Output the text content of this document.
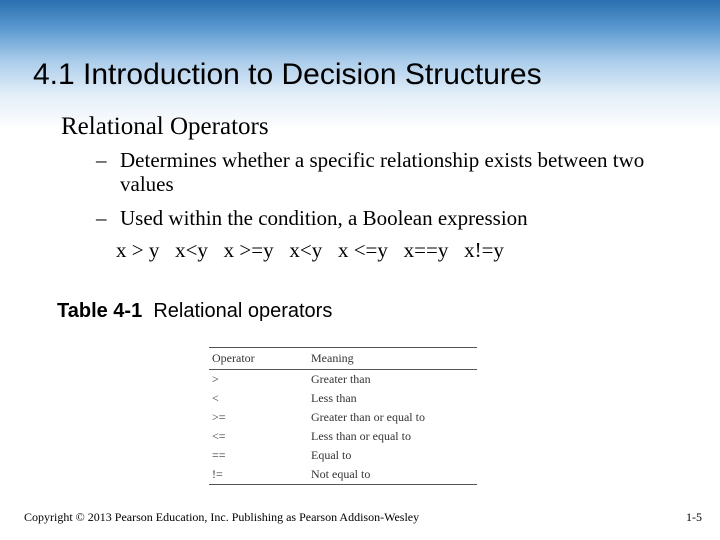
4.1 Introduction to Decision Structures
Relational Operators
– Determines whether a specific relationship exists between two values
– Used within the condition, a Boolean expression
x > y   x<y   x >=y   x<y   x <=y   x==y   x!=y
Table 4-1 Relational operators
Operator	Meaning
>	Greater than
<	Less than
>=	Greater than or equal to
<=	Less than or equal to
==	Equal to
!=	Not equal to
Copyright © 2013 Pearson Education, Inc. Publishing as Pearson Addison-Wesley	1-5
